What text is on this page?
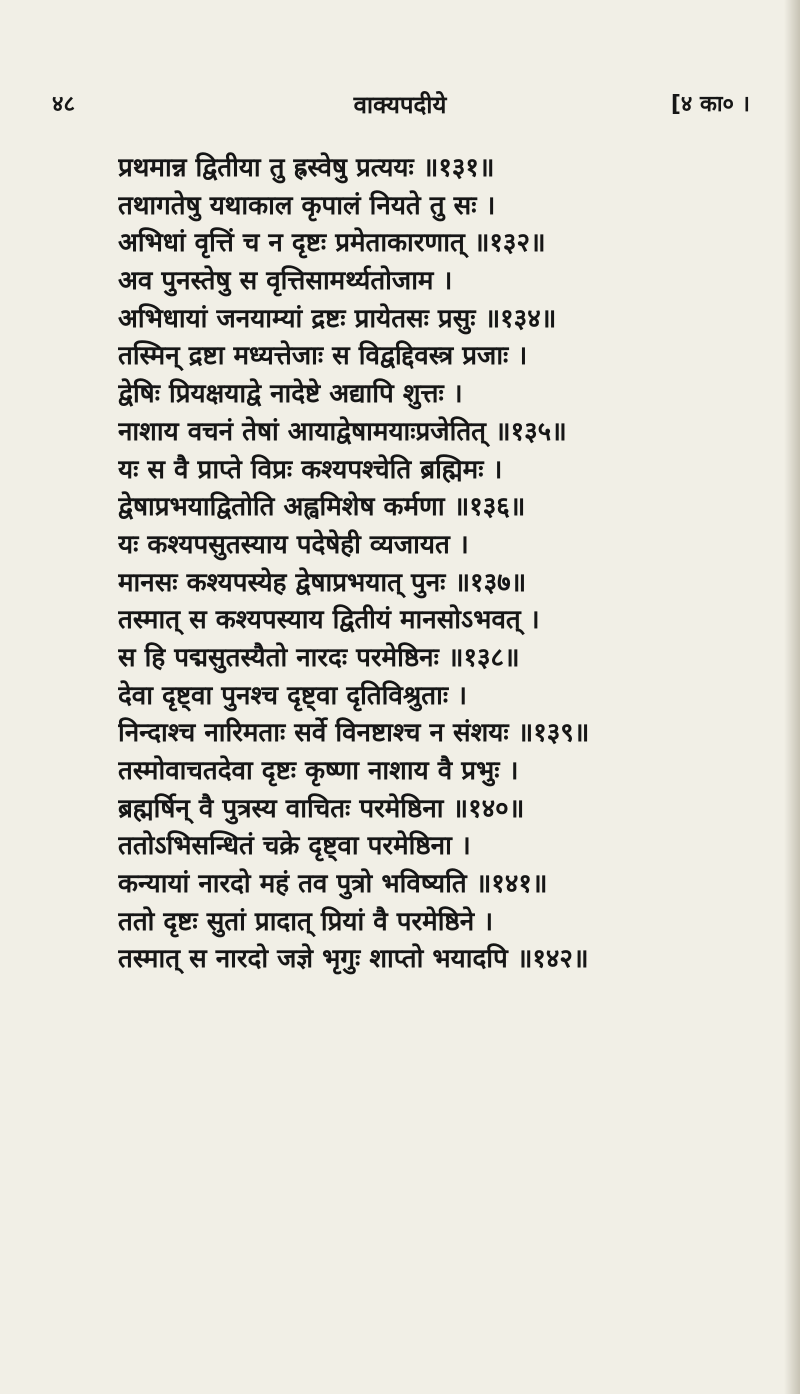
वाक्यपदीये
४८	[४ का० ।
प्रथमान्न द्वितीया तु ह्रस्वेषु प्रत्ययः ॥१३१॥
तथागतेषु यथाकाल कृपालं नियते तु सः ।
अभिधां वृत्तिं च न दृष्टः प्रमेताकारणात् ॥१३२॥
अव पुनस्तेषु स वृत्तिसामर्थ्यतोजाम ।
अभिधायां जनयाम्यां द्रष्टः प्रायेतसः प्रसुः ॥१३४॥
तस्मिन् द्रष्टा मध्यत्तेजाः स विद्वद्दिवस्त्र प्रजाः ।
द्वेषिः प्रियक्षयाद्वे नादेष्टे अद्यापि शुत्तः ।
नाशाय वचनं तेषां आयाद्वेषामयाःप्रजेतित् ॥१३५॥
यः स वै प्राप्ते विप्रः कश्यपश्चेति ब्रह्मिमः ।
द्वेषाप्रभयाद्वितोति अह्वमिशेष कर्मणा ॥१३६॥
यः कश्यपसुतस्याय पदेषेही व्यजायत ।
मानसः कश्यपस्येह द्वेषाप्रभयात् पुनः ॥१३७॥
तस्मात् स कश्यपस्याय द्वितीयं मानसोऽभवत् ।
स हि पद्मसुतस्यैतो नारदः परमेष्ठिनः ॥१३८॥
देवा दृष्ट्वा पुनश्च दृष्ट्वा दृतिविश्रुताः ।
निन्दाश्च नारिमताः सर्वे विनष्टाश्च न संशयः ॥१३९॥
तस्मोवाचतदेवा दृष्टः कृष्णा नाशाय वै प्रभुः ।
ब्रह्मर्षिन् वै पुत्रस्य वाचितः परमेष्ठिना ॥१४०॥
ततोऽभिसन्धितं चक्रे दृष्ट्वा परमेष्ठिना ।
कन्यायां नारदो महं तव पुत्रो भविष्यति ॥१४१॥
ततो दृष्टः सुतां प्रादात् प्रियां वै परमेष्ठिने ।
तस्मात् स नारदो जज्ञे भृगुः शाप्तो भयादपि ॥१४२॥
